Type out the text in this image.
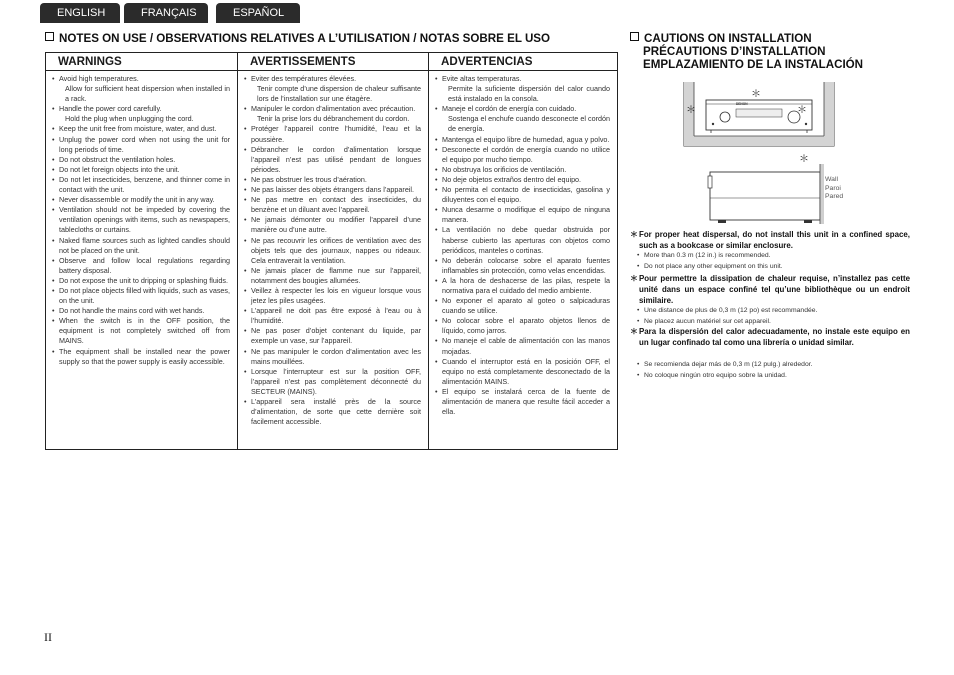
ENGLISH	FRANÇAIS	ESPAÑOL
NOTES ON USE / OBSERVATIONS RELATIVES A L’UTILISATION / NOTAS SOBRE EL USO
WARNINGS
• Avoid high temperatures.
Allow for sufficient heat dispersion when installed in a rack.
• Handle the power cord carefully.
Hold the plug when unplugging the cord.
• Keep the unit free from moisture, water, and dust.
• Unplug the power cord when not using the unit for long periods of time.
• Do not obstruct the ventilation holes.
• Do not let foreign objects into the unit.
• Do not let insecticides, benzene, and thinner come in contact with the unit.
• Never disassemble or modify the unit in any way.
• Ventilation should not be impeded by covering the ventilation openings with items, such as newspapers, tablecloths or curtains.
• Naked flame sources such as lighted candles should not be placed on the unit.
• Observe and follow local regulations regarding battery disposal.
• Do not expose the unit to dripping or splashing fluids.
• Do not place objects filled with liquids, such as vases, on the unit.
• Do not handle the mains cord with wet hands.
• When the switch is in the OFF position, the equipment is not completely switched off from MAINS.
• The equipment shall be installed near the power supply so that the power supply is easily accessible.
AVERTISSEMENTS
• Eviter des températures élevées.
Tenir compte d’une dispersion de chaleur suffisante lors de l’installation sur une étagère.
• Manipuler le cordon d’alimentation avec précaution.
Tenir la prise lors du débranchement du cordon.
• Protéger l’appareil contre l’humidité, l’eau et la poussière.
• Débrancher le cordon d’alimentation lorsque l’appareil n’est pas utilisé pendant de longues périodes.
• Ne pas obstruer les trous d’aération.
• Ne pas laisser des objets étrangers dans l’appareil.
• Ne pas mettre en contact des insecticides, du benzène et un diluant avec l’appareil.
• Ne jamais démonter ou modifier l’appareil d’une manière ou d’une autre.
• Ne pas recouvrir les orifices de ventilation avec des objets tels que des journaux, nappes ou rideaux. Cela entraverait la ventilation.
• Ne jamais placer de flamme nue sur l’appareil, notamment des bougies allumées.
• Veillez à respecter les lois en vigueur lorsque vous jetez les piles usagées.
• L’appareil ne doit pas être exposé à l’eau ou à l’humidité.
• Ne pas poser d’objet contenant du liquide, par exemple un vase, sur l’appareil.
• Ne pas manipuler le cordon d’alimentation avec les mains mouillées.
• Lorsque l’interrupteur est sur la position OFF, l’appareil n’est pas complètement déconnecté du SECTEUR (MAINS).
• L’appareil sera installé près de la source d’alimentation, de sorte que cette dernière soit facilement accessible.
ADVERTENCIAS
• Evite altas temperaturas.
Permite la suficiente dispersión del calor cuando está instalado en la consola.
• Maneje el cordón de energía con cuidado.
Sostenga el enchufe cuando desconecte el cordón de energía.
• Mantenga el equipo libre de humedad, agua y polvo.
• Desconecte el cordón de energía cuando no utilice el equipo por mucho tiempo.
• No obstruya los orificios de ventilación.
• No deje objetos extraños dentro del equipo.
• No permita el contacto de insecticidas, gasolina y diluyentes con el equipo.
• Nunca desarme o modifique el equipo de ninguna manera.
• La ventilación no debe quedar obstruida por haberse cubierto las aperturas con objetos como periódicos, manteles o cortinas.
• No deberán colocarse sobre el aparato fuentes inflamables sin protección, como velas encendidas.
• A la hora de deshacerse de las pilas, respete la normativa para el cuidado del medio ambiente.
• No exponer el aparato al goteo o salpicaduras cuando se utilice.
• No colocar sobre el aparato objetos llenos de líquido, como jarros.
• No maneje el cable de alimentación con las manos mojadas.
• Cuando el interruptor está en la posición OFF, el equipo no está completamente desconectado de la alimentación MAINS.
• El equipo se instalará cerca de la fuente de alimentación de manera que resulte fácil acceder a ella.
CAUTIONS ON INSTALLATION
PRÉCAUTIONS D’INSTALLATION
EMPLAZAMIENTO DE LA INSTALACIÓN
＊
＊	＊
＊
DENON
Wall
Paroi
Pared
＊ For proper heat dispersal, do not install this unit in a confined space, such as a bookcase or similar enclosure.
• More than 0.3 m (12 in.) is recommended.
• Do not place any other equipment on this unit.
＊ Pour permettre la dissipation de chaleur requise, n’installez pas cette unité dans un espace confiné tel qu’une bibliothèque ou un endroit similaire.
• Une distance de plus de 0,3 m (12 po) est recommandée.
• Ne placez aucun matériel sur cet appareil.
＊ Para la dispersión del calor adecuadamente, no instale este equipo en un lugar confinado tal como una librería o unidad similar.
• Se recomienda dejar más de 0,3 m (12 pulg.) alrededor.
• No coloque ningún otro equipo sobre la unidad.
II
